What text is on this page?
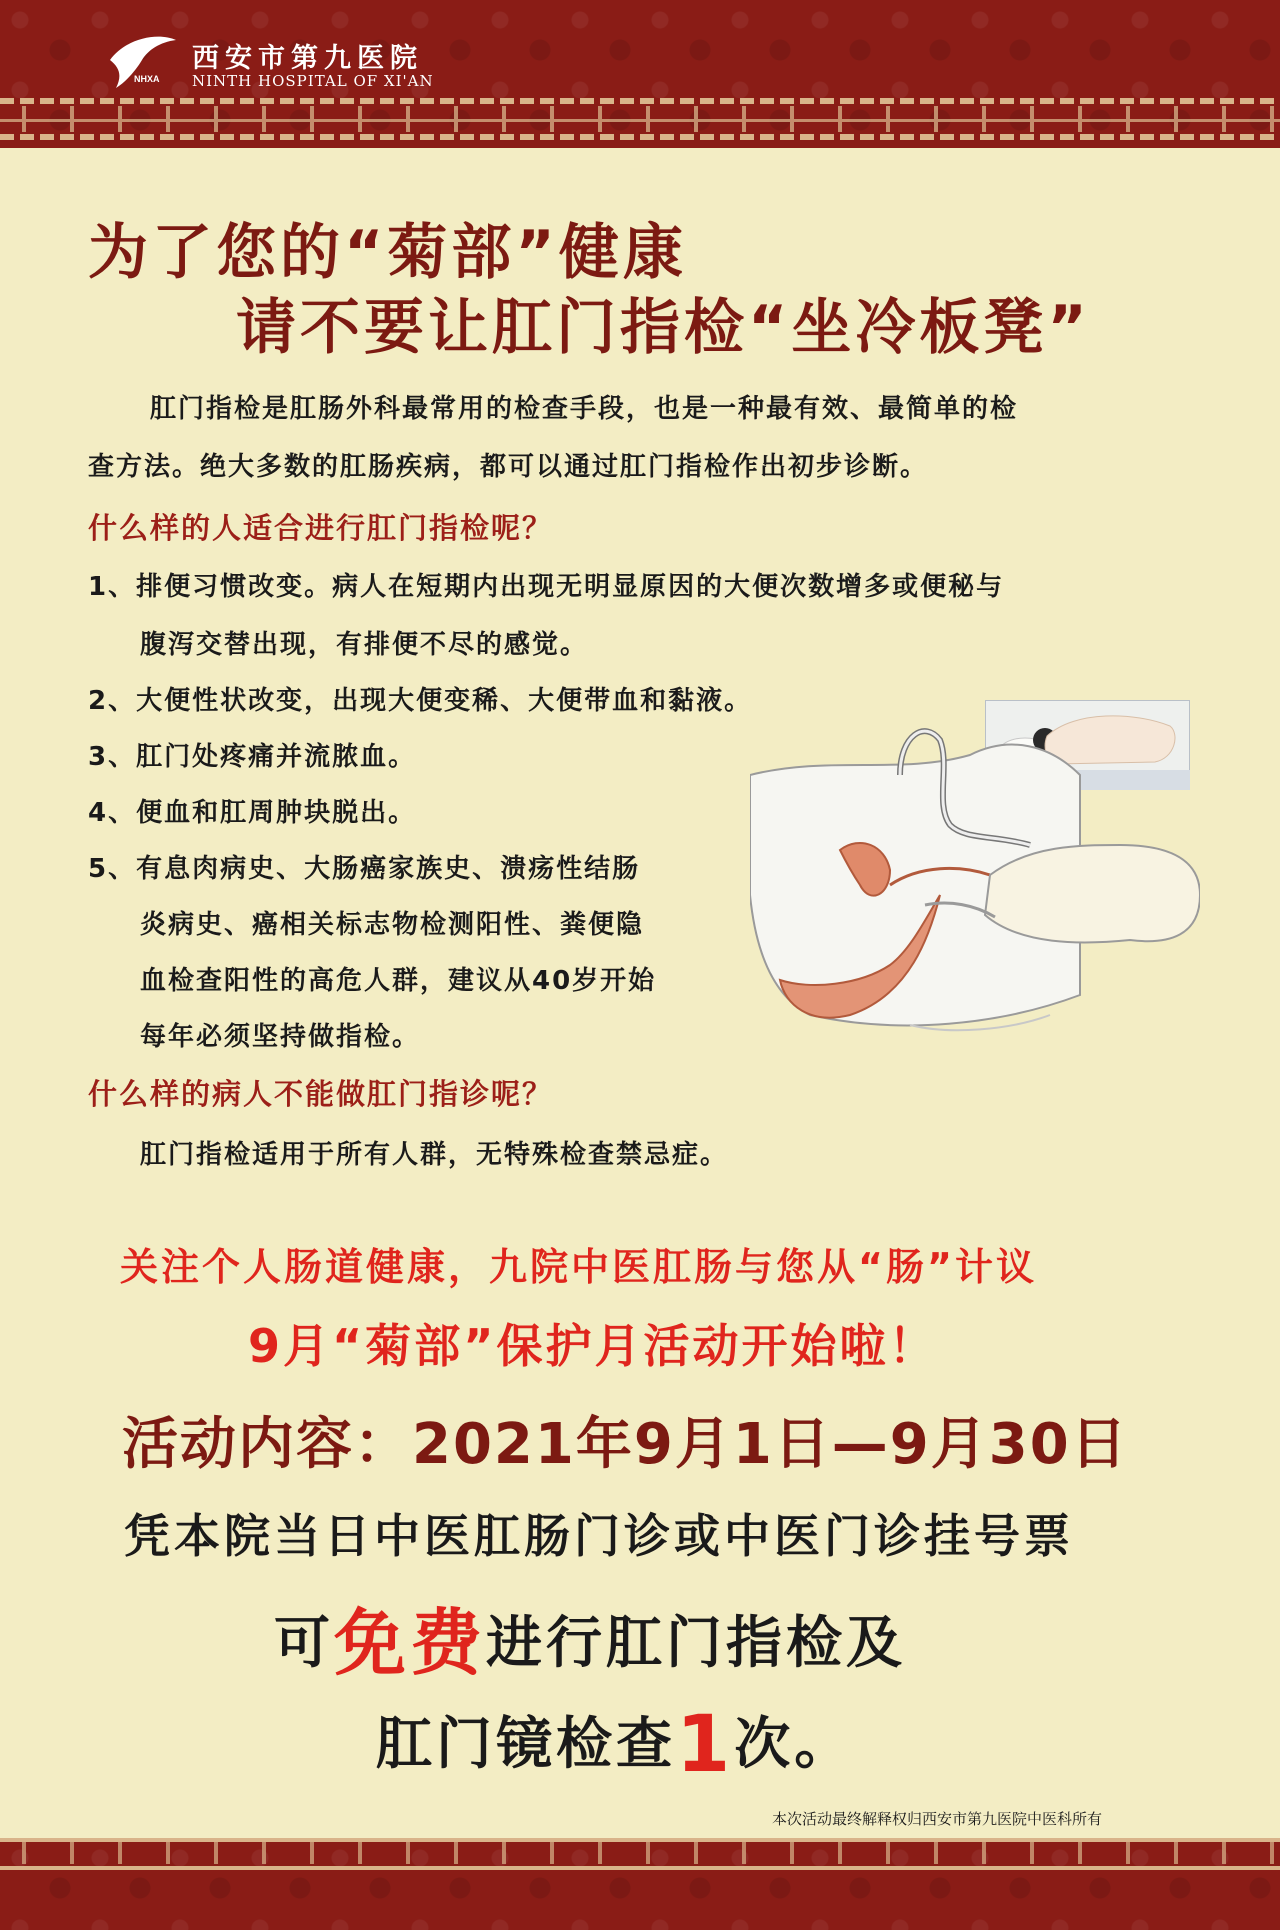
NHXA
西安市第九医院
NINTH HOSPITAL OF XI'AN
为了您的“菊部”健康
请不要让肛门指检“坐冷板凳”
肛门指检是肛肠外科最常用的检查手段，也是一种最有效、最简单的检
查方法。绝大多数的肛肠疾病，都可以通过肛门指检作出初步诊断。
什么样的人适合进行肛门指检呢？
1、排便习惯改变。病人在短期内出现无明显原因的大便次数增多或便秘与
腹泻交替出现，有排便不尽的感觉。
2、大便性状改变，出现大便变稀、大便带血和黏液。
3、肛门处疼痛并流脓血。
4、便血和肛周肿块脱出。
5、有息肉病史、大肠癌家族史、溃疡性结肠
炎病史、癌相关标志物检测阳性、粪便隐
血检查阳性的高危人群，建议从40岁开始
每年必须坚持做指检。
什么样的病人不能做肛门指诊呢？
肛门指检适用于所有人群，无特殊检查禁忌症。
关注个人肠道健康，九院中医肛肠与您从“肠”计议
9月“菊部”保护月活动开始啦！
活动内容：2021年9月1日—9月30日
凭本院当日中医肛肠门诊或中医门诊挂号票
可免费进行肛门指检及
肛门镜检查1次。
本次活动最终解释权归西安市第九医院中医科所有
